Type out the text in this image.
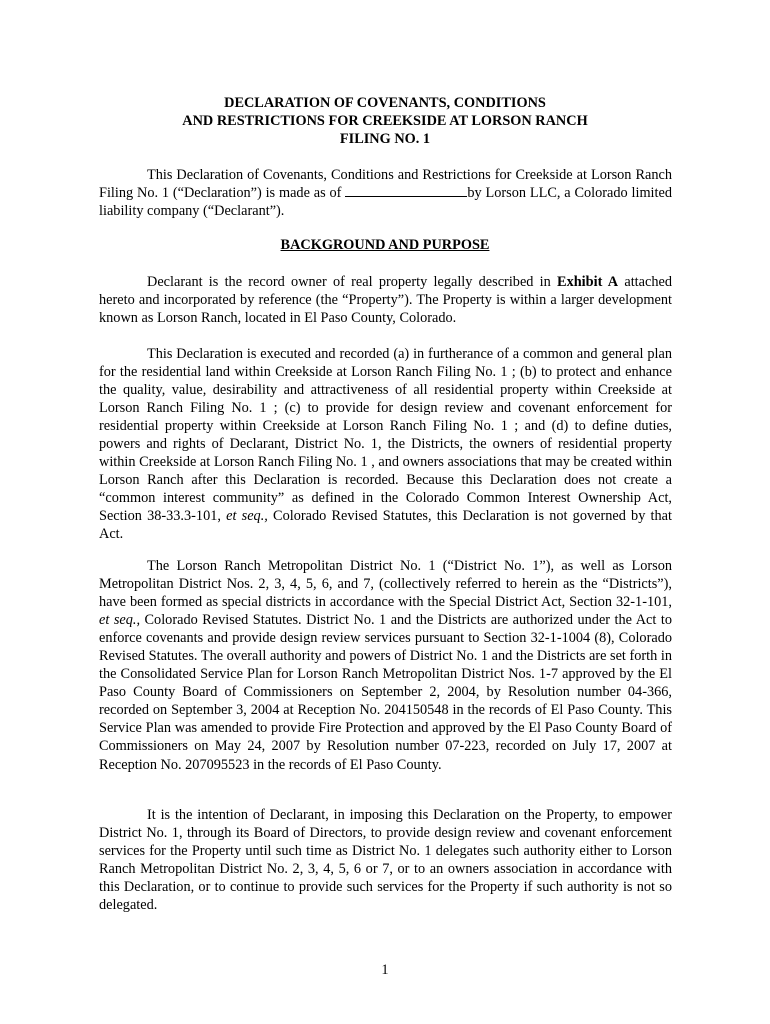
DECLARATION OF COVENANTS, CONDITIONS
AND RESTRICTIONS FOR CREEKSIDE AT LORSON RANCH
FILING NO. 1
This Declaration of Covenants, Conditions and Restrictions for Creekside at Lorson Ranch Filing No. 1 (“Declaration”) is made as of	by Lorson LLC, a Colorado limited liability company (“Declarant”).
BACKGROUND AND PURPOSE
Declarant is the record owner of real property legally described in Exhibit A attached hereto and incorporated by reference (the “Property”). The Property is within a larger development known as Lorson Ranch, located in El Paso County, Colorado.
This Declaration is executed and recorded (a) in furtherance of a common and general plan for the residential land within Creekside at Lorson Ranch Filing No. 1 ; (b) to protect and enhance the quality, value, desirability and attractiveness of all residential property within Creekside at Lorson Ranch Filing No. 1 ; (c) to provide for design review and covenant enforcement for residential property within Creekside at Lorson Ranch Filing No. 1 ; and (d) to define duties, powers and rights of Declarant, District No. 1, the Districts, the owners of residential property within Creekside at Lorson Ranch Filing No. 1 , and owners associations that may be created within Lorson Ranch after this Declaration is recorded. Because this Declaration does not create a “common interest community” as defined in the Colorado Common Interest Ownership Act, Section 38-33.3-101, et seq., Colorado Revised Statutes, this Declaration is not governed by that Act.
The Lorson Ranch Metropolitan District No. 1 (“District No. 1”), as well as Lorson Metropolitan District Nos. 2, 3, 4, 5, 6, and 7, (collectively referred to herein as the “Districts”), have been formed as special districts in accordance with the Special District Act, Section 32-1-101, et seq., Colorado Revised Statutes. District No. 1 and the Districts are authorized under the Act to enforce covenants and provide design review services pursuant to Section 32-1-1004 (8), Colorado Revised Statutes. The overall authority and powers of District No. 1 and the Districts are set forth in the Consolidated Service Plan for Lorson Ranch Metropolitan District Nos. 1-7 approved by the El Paso County Board of Commissioners on September 2, 2004, by Resolution number 04-366, recorded on September 3, 2004 at Reception No. 204150548 in the records of El Paso County. This Service Plan was amended to provide Fire Protection and approved by the El Paso County Board of Commissioners on May 24, 2007 by Resolution number 07-223, recorded on July 17, 2007 at Reception No. 207095523 in the records of El Paso County.
It is the intention of Declarant, in imposing this Declaration on the Property, to empower District No. 1, through its Board of Directors, to provide design review and covenant enforcement services for the Property until such time as District No. 1 delegates such authority either to Lorson Ranch Metropolitan District No. 2, 3, 4, 5, 6 or 7, or to an owners association in accordance with this Declaration, or to continue to provide such services for the Property if such authority is not so delegated.
1
